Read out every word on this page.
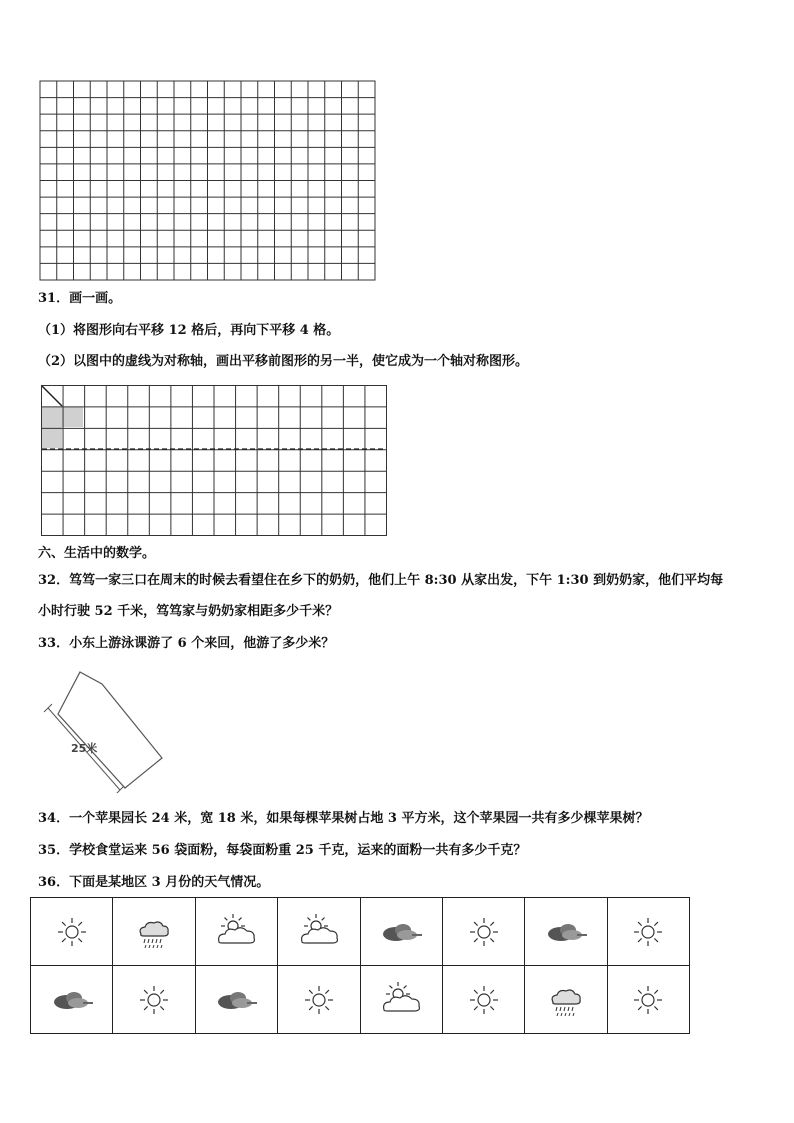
31．画一画。
（1）将图形向右平移 12 格后，再向下平移 4 格。
（2）以图中的虚线为对称轴，画出平移前图形的另一半，使它成为一个轴对称图形。
六、生活中的数学。
32．笃笃一家三口在周末的时候去看望住在乡下的奶奶，他们上午 8:30 从家出发，下午 1:30 到奶奶家，他们平均每
小时行驶 52 千米，笃笃家与奶奶家相距多少千米？
33．小东上游泳课游了 6 个来回，他游了多少米？
25米
34．一个苹果园长 24 米，宽 18 米，如果每棵苹果树占地 3 平方米，这个苹果园一共有多少棵苹果树？
35．学校食堂运来 56 袋面粉，每袋面粉重 25 千克，运来的面粉一共有多少千克？
36．下面是某地区 3 月份的天气情况。
